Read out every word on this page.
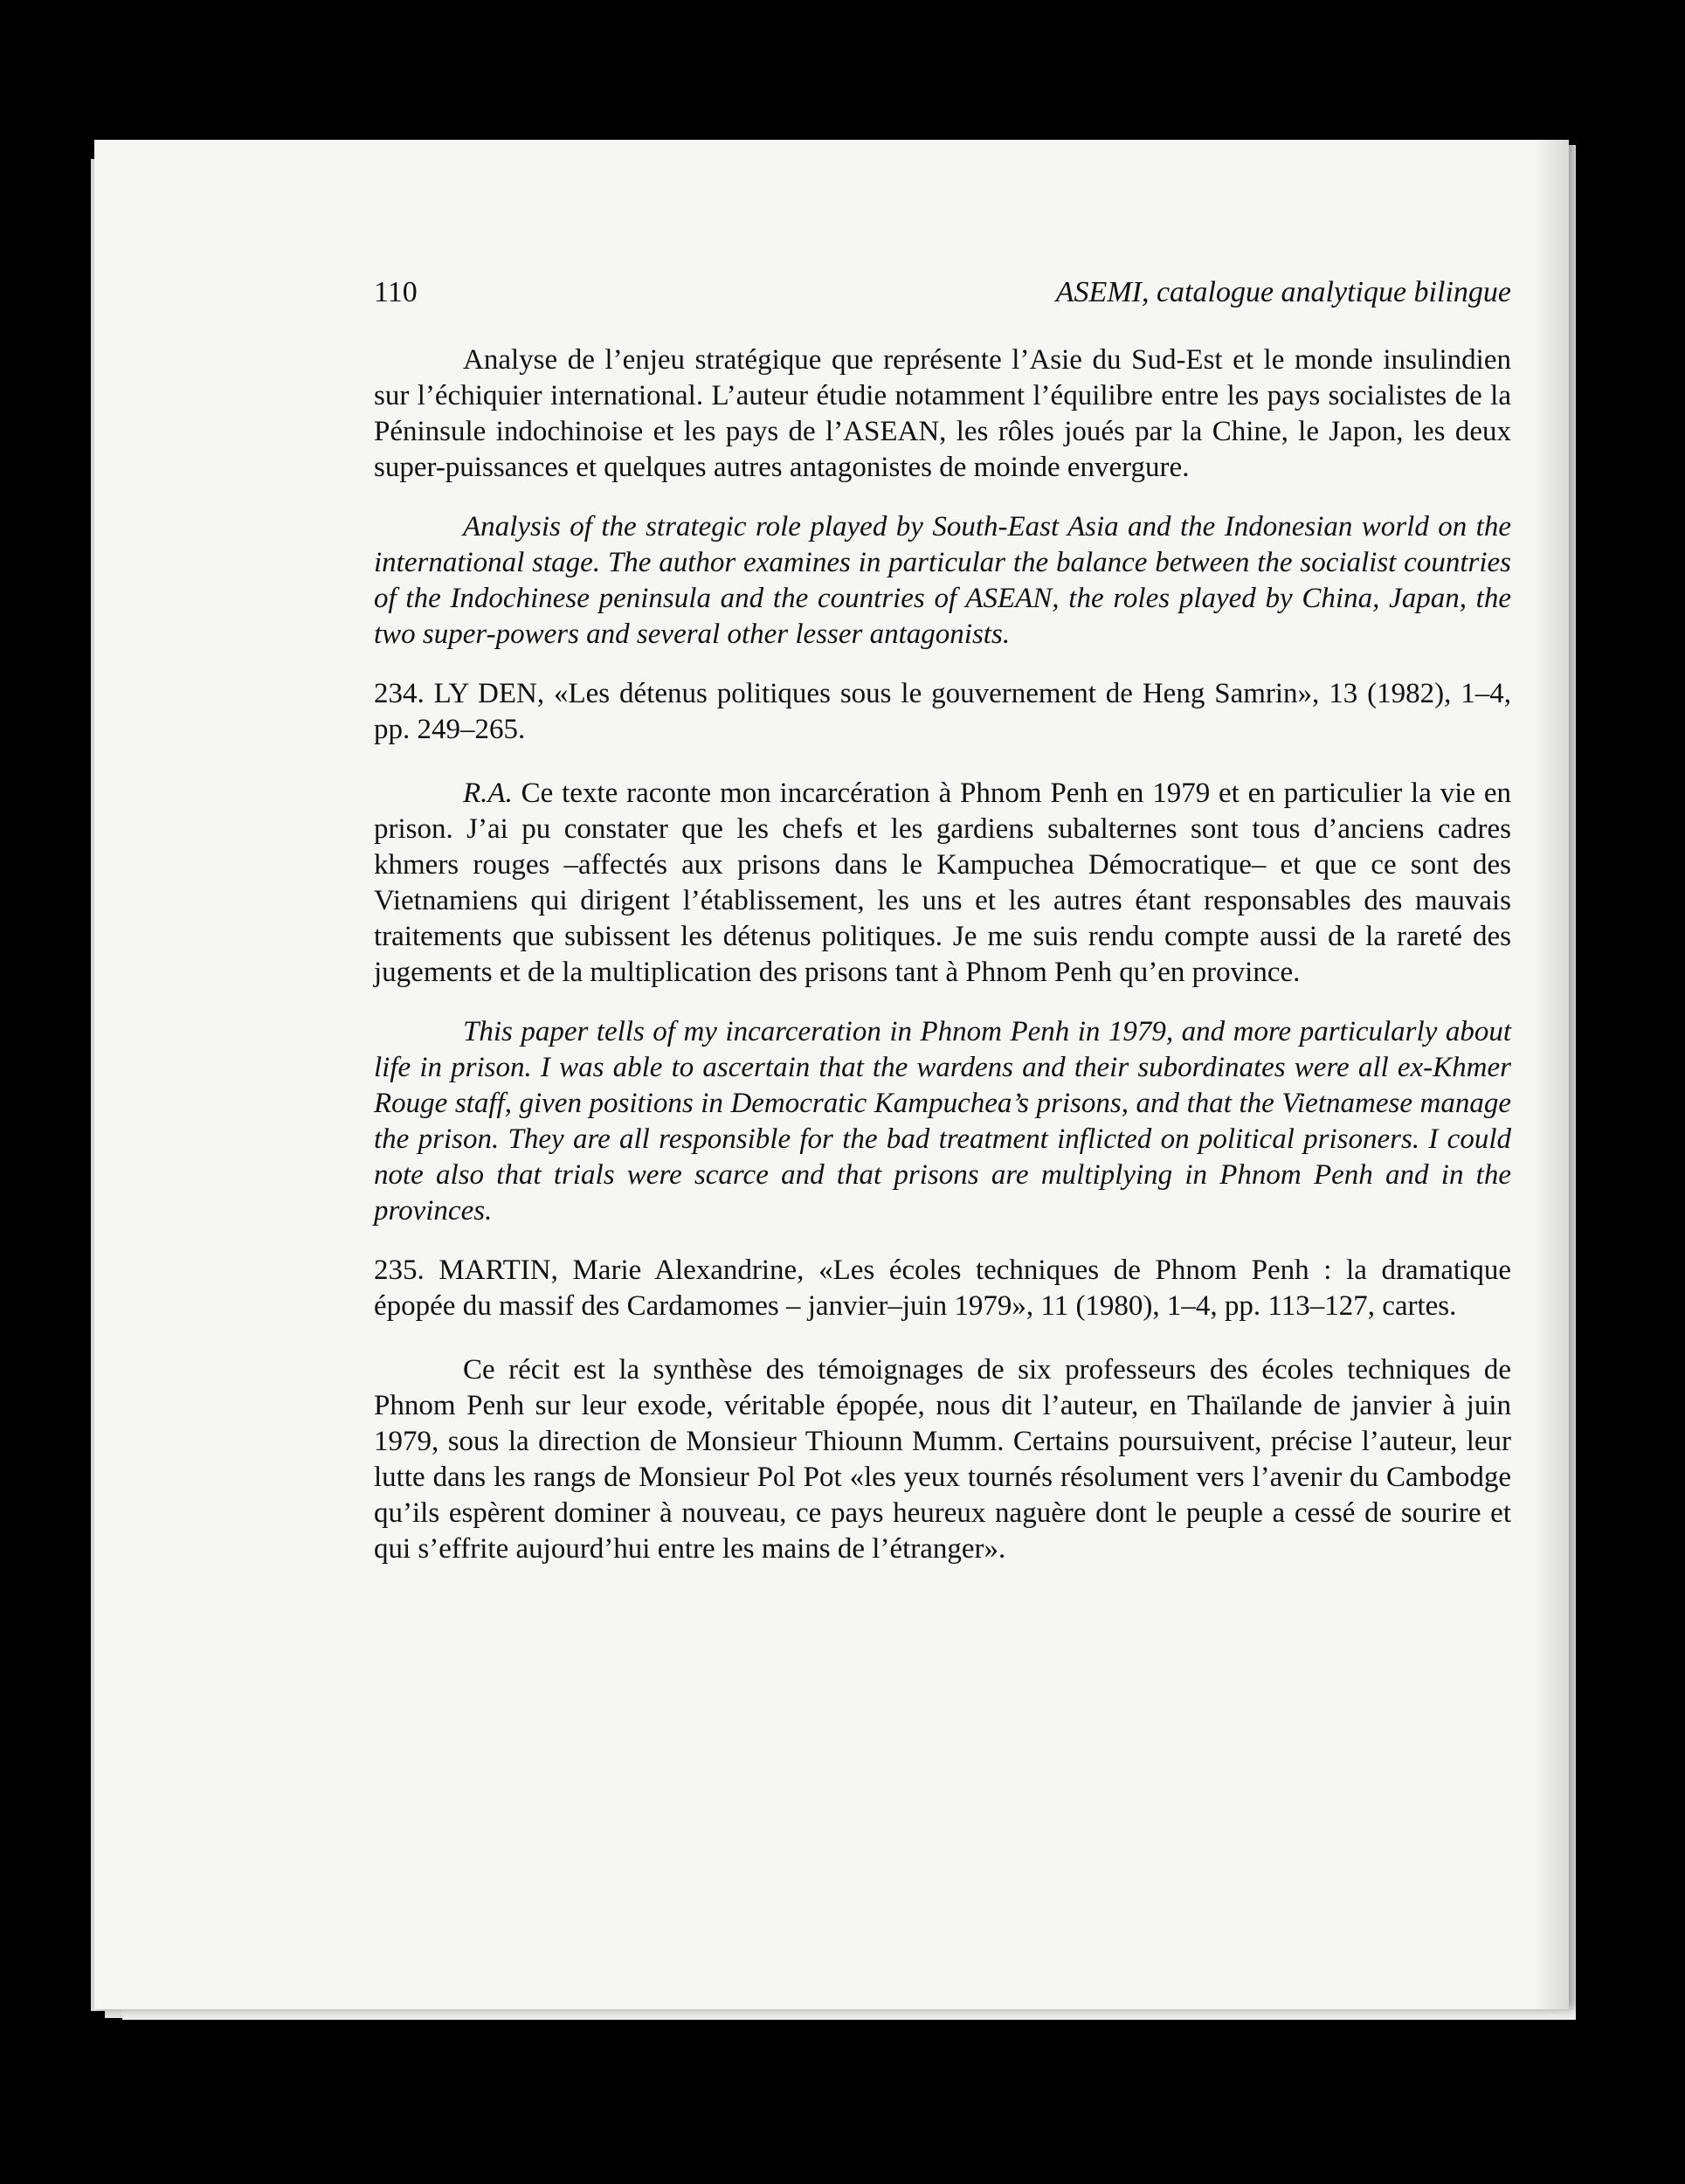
110	ASEMI, catalogue analytique bilingue

Analyse de l’enjeu stratégique que représente l’Asie du Sud-Est et le monde insulindien sur l’échiquier international. L’auteur étudie notamment l’équilibre entre les pays socialistes de la Péninsule indochinoise et les pays de l’ASEAN, les rôles joués par la Chine, le Japon, les deux super-puissances et quelques autres antagonistes de moinde envergure.

Analysis of the strategic role played by South-East Asia and the Indonesian world on the international stage. The author examines in particular the balance between the socialist countries of the Indochinese peninsula and the countries of ASEAN, the roles played by China, Japan, the two super-powers and several other lesser antagonists.

234. LY DEN, «Les détenus politiques sous le gouvernement de Heng Samrin», 13 (1982), 1–4, pp. 249–265.

R.A. Ce texte raconte mon incarcération à Phnom Penh en 1979 et en particulier la vie en prison. J’ai pu constater que les chefs et les gardiens subalternes sont tous d’anciens cadres khmers rouges –affectés aux prisons dans le Kampuchea Démocratique– et que ce sont des Vietnamiens qui dirigent l’établissement, les uns et les autres étant responsables des mauvais traitements que subissent les détenus politiques. Je me suis rendu compte aussi de la rareté des jugements et de la multiplication des prisons tant à Phnom Penh qu’en province.

This paper tells of my incarceration in Phnom Penh in 1979, and more particularly about life in prison. I was able to ascertain that the wardens and their subordinates were all ex-Khmer Rouge staff, given positions in Democratic Kampuchea’s prisons, and that the Vietnamese manage the prison. They are all responsible for the bad treatment inflicted on political prisoners. I could note also that trials were scarce and that prisons are multiplying in Phnom Penh and in the provinces.

235. MARTIN, Marie Alexandrine, «Les écoles techniques de Phnom Penh : la dramatique épopée du massif des Cardamomes – janvier–juin 1979», 11 (1980), 1–4, pp. 113–127, cartes.

Ce récit est la synthèse des témoignages de six professeurs des écoles techniques de Phnom Penh sur leur exode, véritable épopée, nous dit l’auteur, en Thaïlande de janvier à juin 1979, sous la direction de Monsieur Thiounn Mumm. Certains poursuivent, précise l’auteur, leur lutte dans les rangs de Monsieur Pol Pot «les yeux tournés résolument vers l’avenir du Cambodge qu’ils espèrent dominer à nouveau, ce pays heureux naguère dont le peuple a cessé de sourire et qui s’effrite aujourd’hui entre les mains de l’étranger».
